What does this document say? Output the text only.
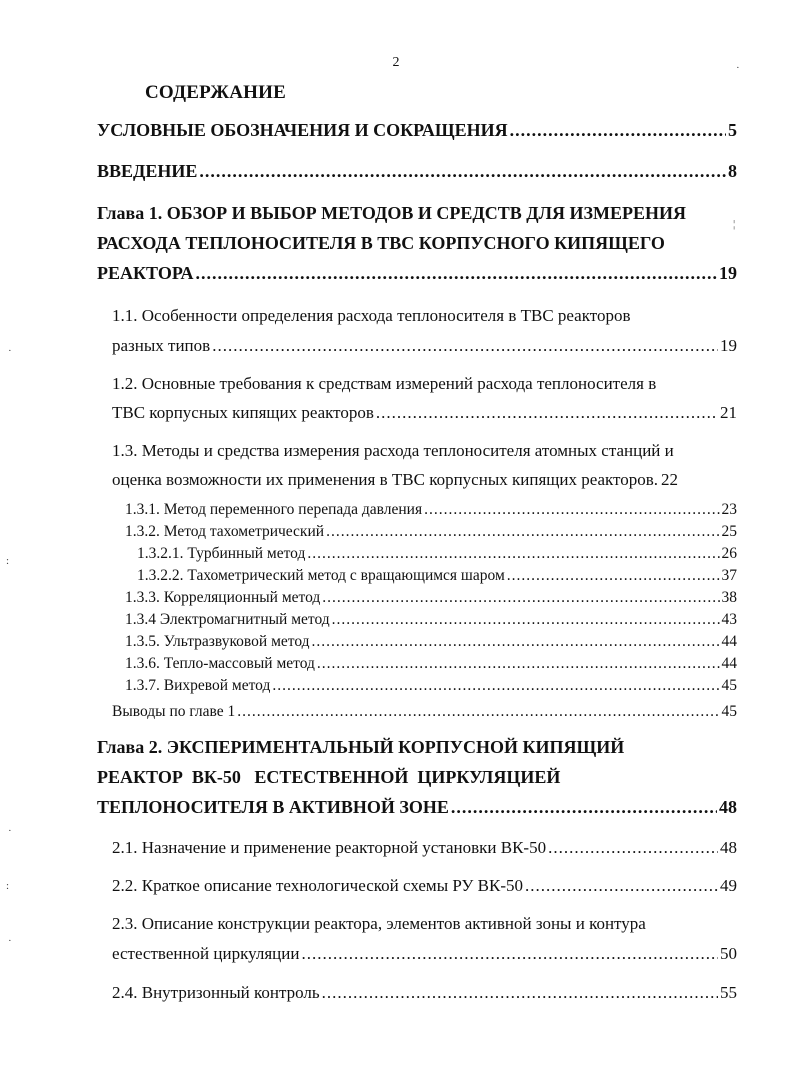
2
СОДЕРЖАНИЕ
УСЛОВНЫЕ ОБОЗНАЧЕНИЯ И СОКРАЩЕНИЯ .....	5
ВВЕДЕНИЕ .....	8
Глава 1. ОБЗОР И ВЫБОР МЕТОДОВ И СРЕДСТВ ДЛЯ ИЗМЕРЕНИЯ
РАСХОДА ТЕПЛОНОСИТЕЛЯ В ТВС КОРПУСНОГО КИПЯЩЕГО
РЕАКТОРА .....	19
1.1. Особенности определения расхода теплоносителя в ТВС реакторов
разных типов .....	19
1.2. Основные требования к средствам измерений расхода теплоносителя в
ТВС корпусных кипящих реакторов .....	21
1.3. Методы и средства измерения расхода теплоносителя атомных станций и
оценка возможности их применения в ТВС корпусных кипящих реакторов. 22
1.3.1. Метод переменного перепада давления .....	23
1.3.2. Метод тахометрический .....	25
1.3.2.1. Турбинный метод .....	26
1.3.2.2. Тахометрический метод с вращающимся шаром .....	37
1.3.3. Корреляционный метод .....	38
1.3.4 Электромагнитный метод .....	43
1.3.5. Ультразвуковой метод .....	44
1.3.6. Тепло-массовый метод .....	44
1.3.7. Вихревой метод .....	45
Выводы по главе 1 .....	45
Глава 2. ЭКСПЕРИМЕНТАЛЬНЫЙ КОРПУСНОЙ КИПЯЩИЙ
РЕАКТОР  ВК-50   ЕСТЕСТВЕННОЙ  ЦИРКУЛЯЦИЕЙ
ТЕПЛОНОСИТЕЛЯ В АКТИВНОЙ ЗОНЕ .....	48
2.1. Назначение и применение реакторной установки ВК-50 .....	48
2.2. Краткое описание технологической схемы РУ ВК-50 .....	49
2.3. Описание конструкции реактора, элементов активной зоны и контура
естественной циркуляции .....	50
2.4. Внутризонный контроль .....	55
·
¦
·
:
·
:
·
